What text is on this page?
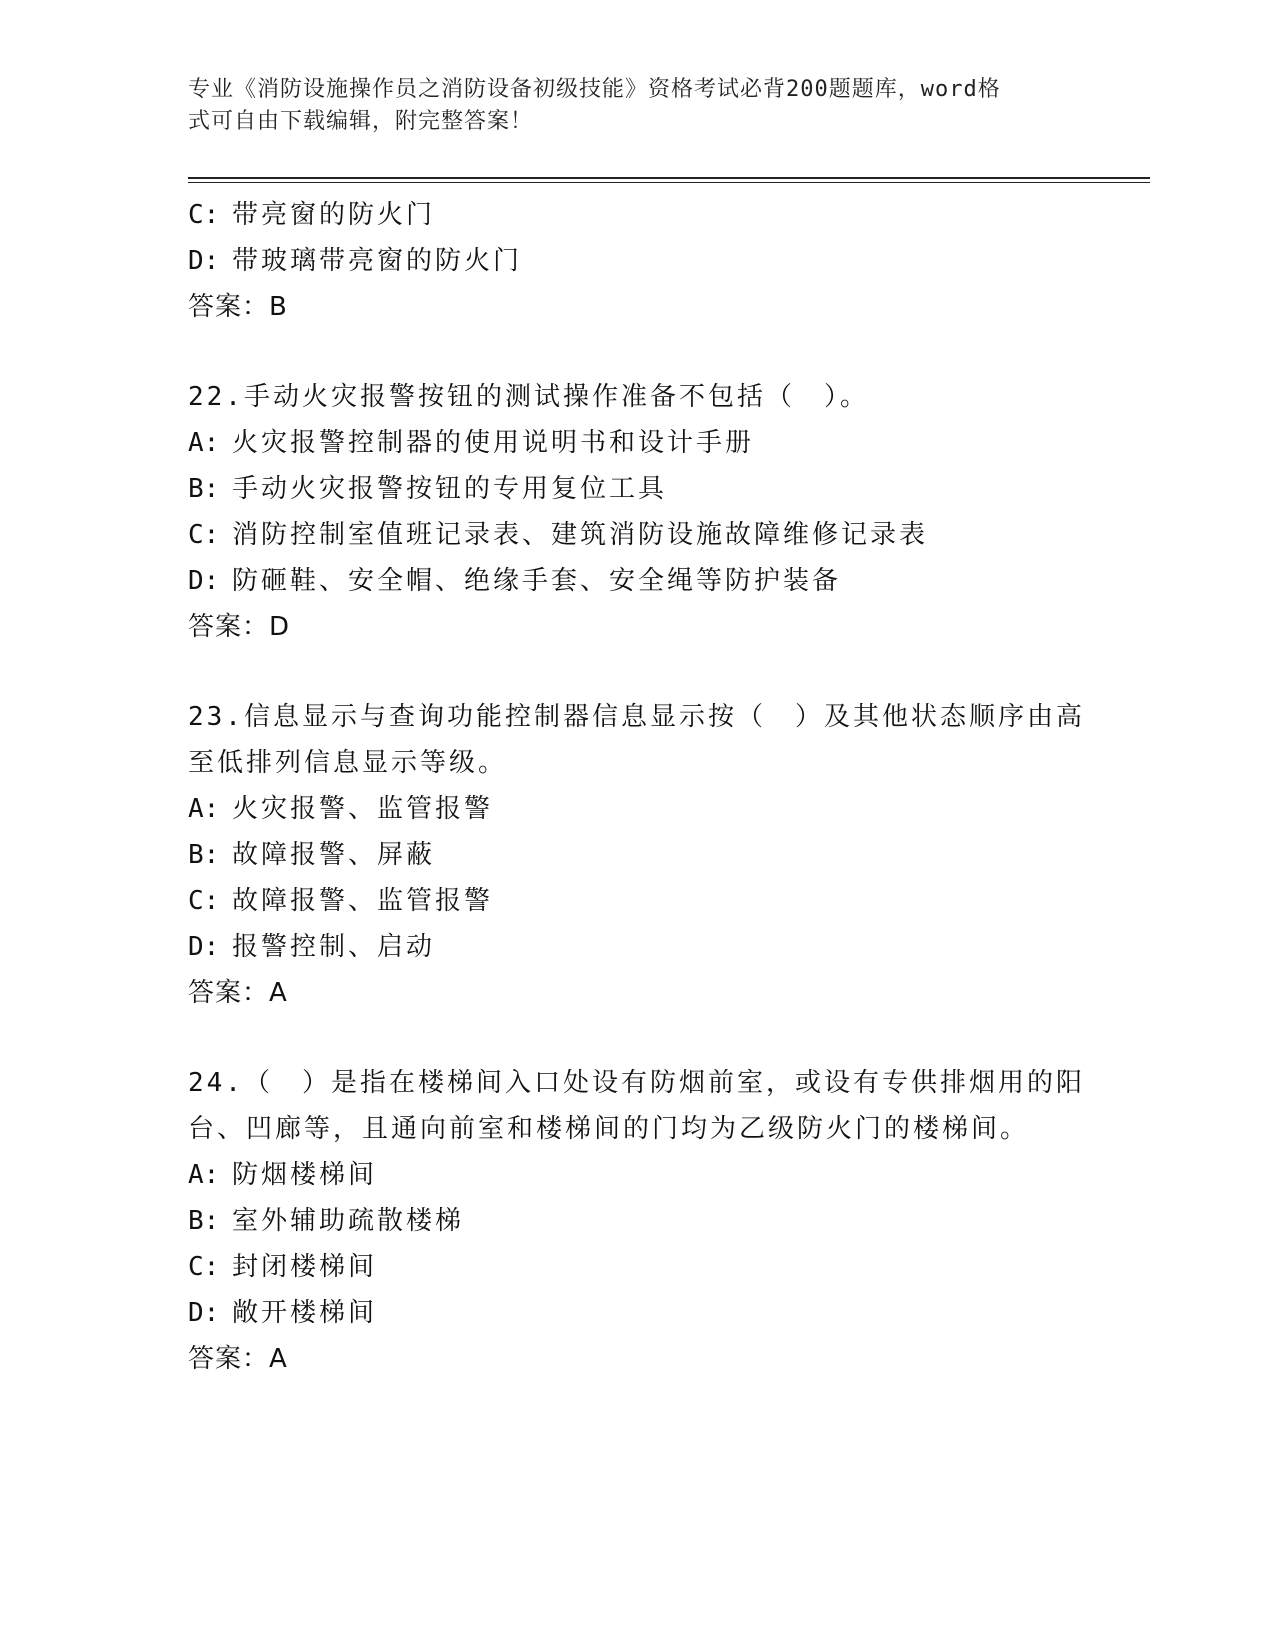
专业《消防设施操作员之消防设备初级技能》资格考试必背200题题库，word格
式可自由下载编辑，附完整答案！
C: 带亮窗的防火门
D: 带玻璃带亮窗的防火门
答案：B
22.手动火灾报警按钮的测试操作准备不包括（　）。
A: 火灾报警控制器的使用说明书和设计手册
B: 手动火灾报警按钮的专用复位工具
C: 消防控制室值班记录表、建筑消防设施故障维修记录表
D: 防砸鞋、安全帽、绝缘手套、安全绳等防护装备
答案：D
23.信息显示与查询功能控制器信息显示按（　）及其他状态顺序由高
至低排列信息显示等级。
A: 火灾报警、监管报警
B: 故障报警、屏蔽
C: 故障报警、监管报警
D: 报警控制、启动
答案：A
24.（　）是指在楼梯间入口处设有防烟前室，或设有专供排烟用的阳
台、凹廊等，且通向前室和楼梯间的门均为乙级防火门的楼梯间。
A: 防烟楼梯间
B: 室外辅助疏散楼梯
C: 封闭楼梯间
D: 敞开楼梯间
答案：A
